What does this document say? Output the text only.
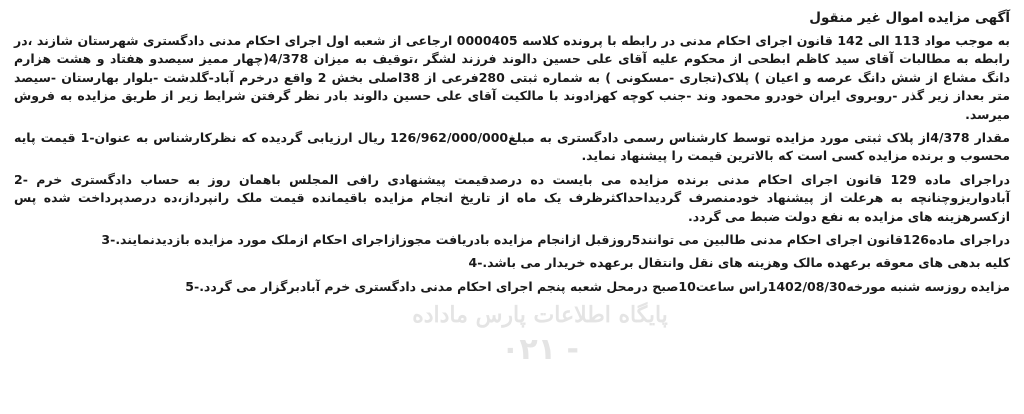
آگهی مزایده اموال غیر منقول

به موجب مواد 113 الی 142 قانون اجرای احکام مدنی در رابطه با پرونده کلاسه 0000405 ارجاعی از شعبه اول اجرای احکام مدنی دادگستری شهرستان شازند ،در رابطه به مطالبات آقای سید کاظم ابطحی از محکوم علیه آقای علی حسین دالوند فرزند لشگر ،توقیف به میزان 4/378(چهار ممیز سیصدو هفتاد و هشت هزارم دانگ مشاع از شش دانگ عرصه و اعیان ) پلاک(تجاری -مسکونی ) به شماره ثبتی 280فرعی از 38اصلی بخش 2 واقع درخرم آباد-گلدشت -بلوار بهارستان -سیصد متر بعداز زیر گذر -روبروی ایران خودرو محمود وند -جنب کوچه کهزادوند با مالکیت آقای علی حسین دالوند بادر نظر گرفتن شرایط زیر از طریق مزایده به فروش میرسد.

مقدار 4/378از پلاک ثبتی مورد مزایده توسط کارشناس رسمی دادگستری به مبلغ126/962/000/000 ریال ارزیابی گردیده که نظرکارشناس به عنوان-1 قیمت پایه محسوب و برنده مزایده کسی است که بالاترین قیمت را پیشنهاد نماید.

دراجرای ماده 129 قانون اجرای احکام مدنی برنده مزایده می بایست ده درصدقیمت پیشنهادی رافی المجلس باهمان روز به حساب دادگستری خرم -2 آبادواریزوچنانچه به هرعلت از پیشنهاد خودمنصرف گردیداحداکثرظرف یک ماه از تاریخ انجام مزایده باقیمانده قیمت ملک رانپرداز،ده درصدپرداخت شده پس ازکسرهزینه های مزایده به نفع دولت ضبط می گردد.

دراجرای ماده126قانون اجرای احکام مدنی طالبین می توانند5روزقبل ازانجام مزایده بادریافت مجوزازاجرای احکام ازملک مورد مزایده بازدیدنمایند.-3

کلیه بدهی های معوقه برعهده مالک وهزینه های نقل وانتقال برعهده خریدار می باشد.-4

مزایده روزسه شنبه مورخه1402/08/30راس ساعت10صبح درمحل شعبه پنجم اجرای احکام مدنی دادگستری خرم آبادبرگزار می گردد.-5

پایگاه اطلاعات پارس ماداده
۰۲۱ -
